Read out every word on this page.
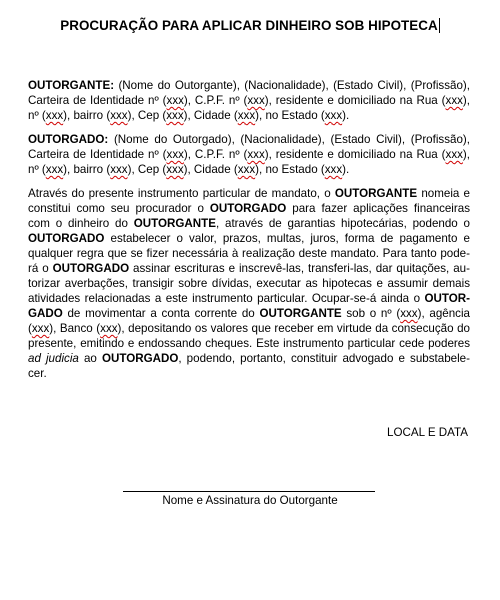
PROCURAÇÃO PARA APLICAR DINHEIRO SOB HIPOTECA
OUTORGANTE: (Nome do Outorgante), (Nacionalidade), (Estado Civil), (Profissão),
Carteira de Identidade nº (xxx), C.P.F. nº (xxx), residente e domiciliado na Rua (xxx),
nº (xxx), bairro (xxx), Cep (xxx), Cidade (xxx), no Estado (xxx).
OUTORGADO: (Nome do Outorgado), (Nacionalidade), (Estado Civil), (Profissão),
Carteira de Identidade nº (xxx), C.P.F. nº (xxx), residente e domiciliado na Rua (xxx),
nº (xxx), bairro (xxx), Cep (xxx), Cidade (xxx), no Estado (xxx).
Através do presente instrumento particular de mandato, o OUTORGANTE nomeia e
constitui como seu procurador o OUTORGADO para fazer aplicações financeiras
com o dinheiro do OUTORGANTE, através de garantias hipotecárias, podendo o
OUTORGADO estabelecer o valor, prazos, multas, juros, forma de pagamento e
qualquer regra que se fizer necessária à realização deste mandato. Para tanto pode-
rá o OUTORGADO assinar escrituras e inscrevê-las, transferi-las, dar quitações, au-
torizar averbações, transigir sobre dívidas, executar as hipotecas e assumir demais
atividades relacionadas a este instrumento particular. Ocupar-se-á ainda o OUTOR-
GADO de movimentar a conta corrente do OUTORGANTE sob o nº (xxx), agência
(xxx), Banco (xxx), depositando os valores que receber em virtude da consecução do
presente, emitindo e endossando cheques. Este instrumento particular cede poderes
ad judicia ao OUTORGADO, podendo, portanto, constituir advogado e substabele-
cer.
LOCAL E DATA
Nome e Assinatura do Outorgante
